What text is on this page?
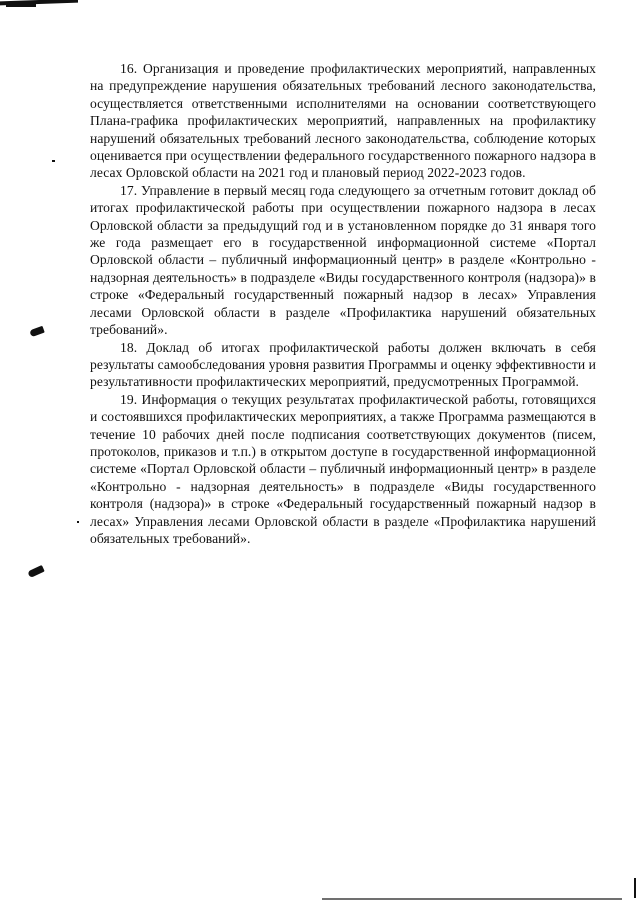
16. Организация и проведение профилактических мероприятий, направленных на предупреждение нарушения обязательных требований лесного законодательства, осуществляется ответственными исполнителями на основании соответствующего Плана-графика профилактических мероприятий, направленных на профилактику нарушений обязательных требований лесного законодательства, соблюдение которых оценивается при осуществлении федерального государственного пожарного надзора в лесах Орловской области на 2021 год и плановый период 2022-2023 годов.

17. Управление в первый месяц года следующего за отчетным готовит доклад об итогах профилактической работы при осуществлении пожарного надзора в лесах Орловской области за предыдущий год и в установленном порядке до 31 января того же года размещает его в государственной информационной системе «Портал Орловской области – публичный информационный центр» в разделе «Контрольно - надзорная деятельность» в подразделе «Виды государственного контроля (надзора)» в строке «Федеральный государственный пожарный надзор в лесах» Управления лесами Орловской области в разделе «Профилактика нарушений обязательных требований».

18. Доклад об итогах профилактической работы должен включать в себя результаты самообследования уровня развития Программы и оценку эффективности и результативности профилактических мероприятий, предусмотренных Программой.

19. Информация о текущих результатах профилактической работы, готовящихся и состоявшихся профилактических мероприятиях, а также Программа размещаются в течение 10 рабочих дней после подписания соответствующих документов (писем, протоколов, приказов и т.п.) в открытом доступе в государственной информационной системе «Портал Орловской области – публичный информационный центр» в разделе «Контрольно - надзорная деятельность» в подразделе «Виды государственного контроля (надзора)» в строке «Федеральный государственный пожарный надзор в лесах» Управления лесами Орловской области в разделе «Профилактика нарушений обязательных требований».
